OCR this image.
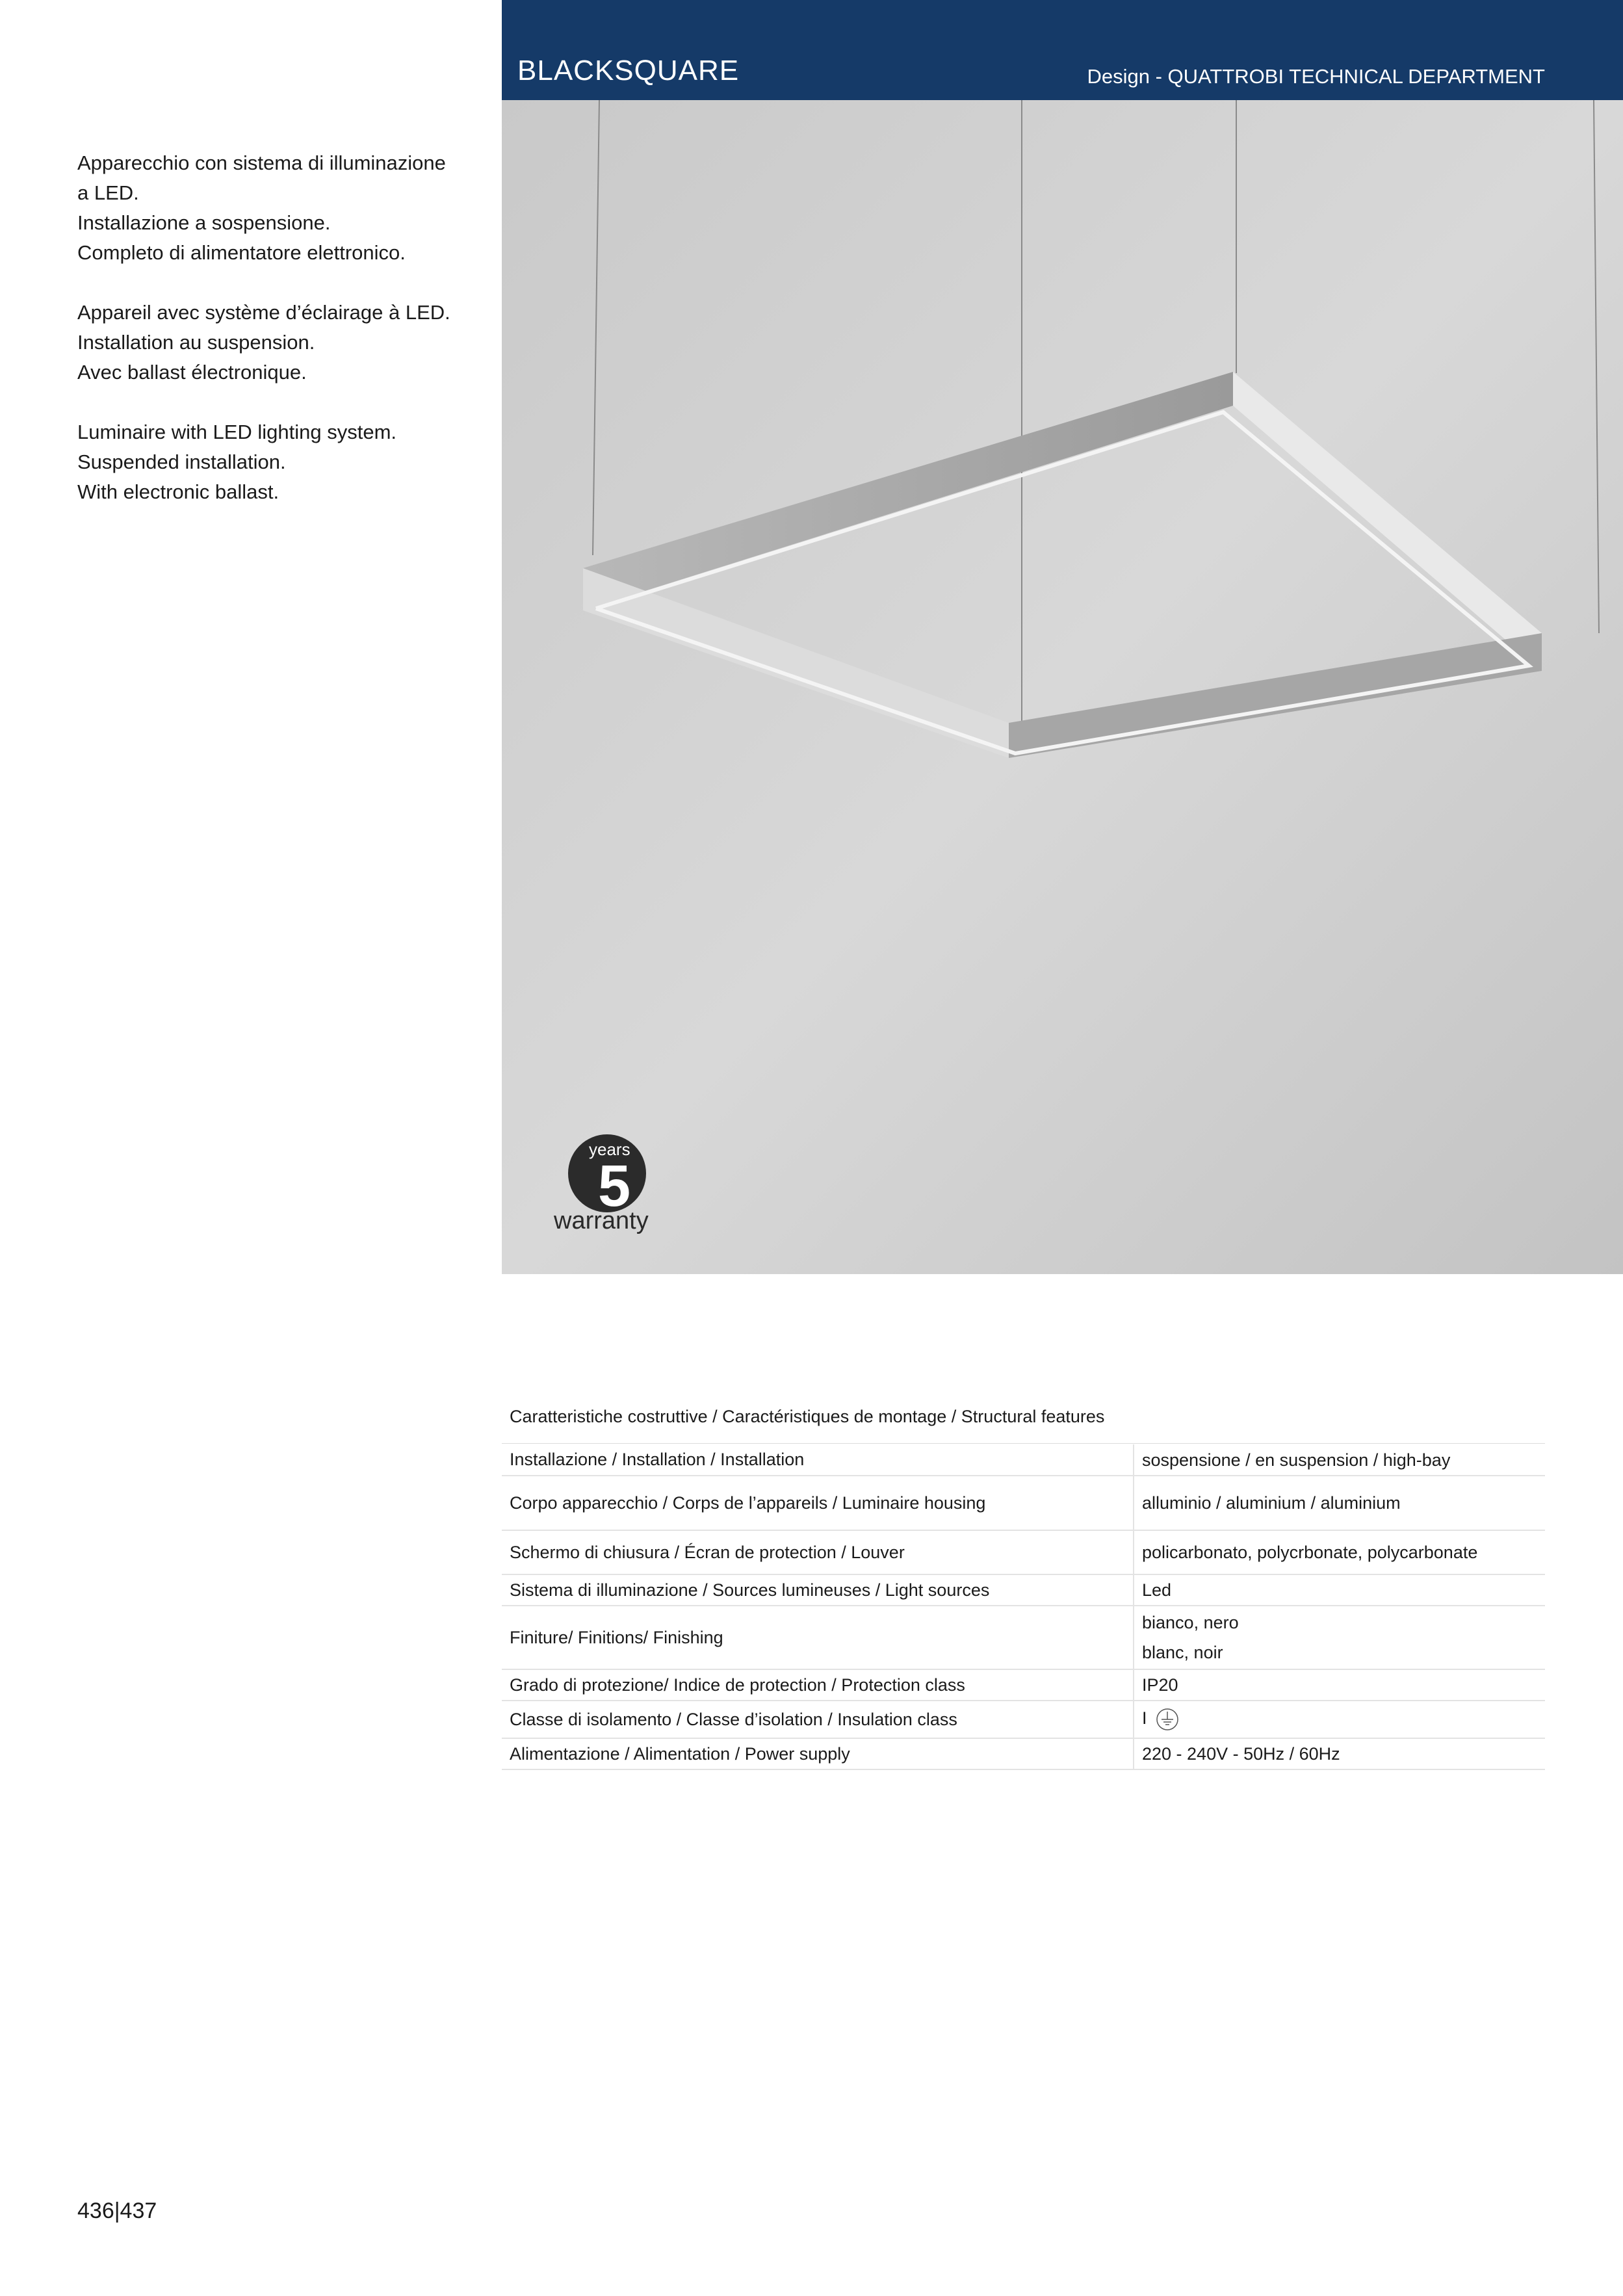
Apparecchio con sistema di illuminazione
a LED.
Installazione a sospensione.
Completo di alimentatore elettronico.

Appareil avec système d’éclairage à LED.
Installation au suspension.
Avec ballast électronique.

Luminaire with LED lighting system.
Suspended installation.
With electronic ballast.

BLACKSQUARE	Design - QUATTROBI TECHNICAL DEPARTMENT
years
5
warranty
Caratteristiche costruttive / Caractéristiques de montage / Structural features
Installazione / Installation / Installation	sospensione / en suspension / high-bay

Corpo apparecchio / Corps de l’appareils / Luminaire housing	alluminio / aluminium / aluminium

Schermo di chiusura / Écran de protection / Louver	policarbonato, polycrbonate, polycarbonate

Sistema di illuminazione / Sources lumineuses / Light sources	Led

Finiture/ Finitions/ Finishing	bianco, nero
blanc, noir

Grado di protezione/ Indice de protection / Protection class	IP20

Classe di isolamento / Classe d’isolation / Insulation class	I
Alimentazione / Alimentation / Power supply	220 - 240V - 50Hz / 60Hz
436|437
